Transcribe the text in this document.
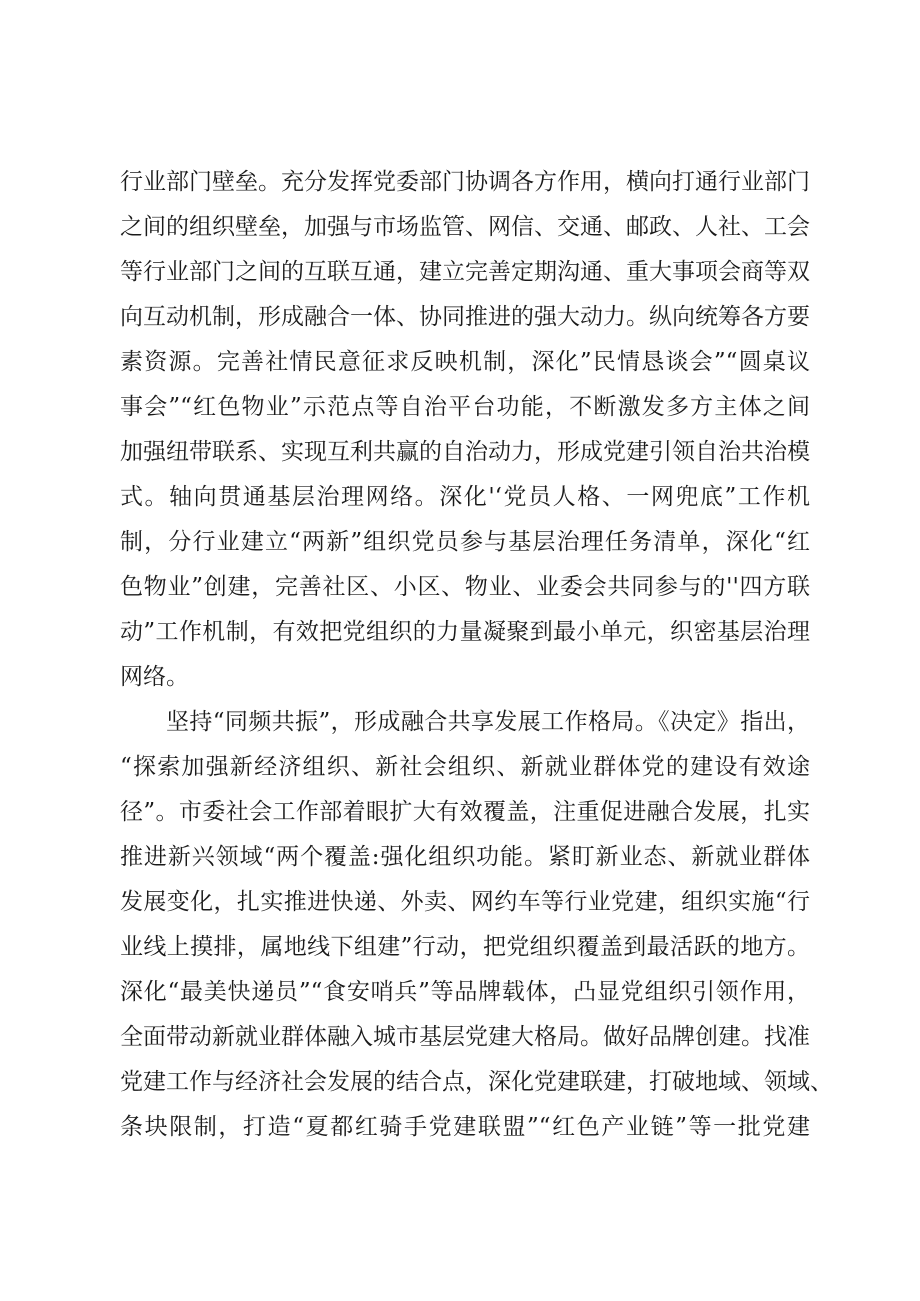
行业部门壁垒。充分发挥党委部门协调各方作用，横向打通行业部门
之间的组织壁垒，加强与市场监管、网信、交通、邮政、人社、工会
等行业部门之间的互联互通，建立完善定期沟通、重大事项会商等双
向互动机制，形成融合一体、协同推进的强大动力。纵向统筹各方要
素资源。完善社情民意征求反映机制，深化”民情恳谈会”“圆桌议
事会”“红色物业”示范点等自治平台功能，不断激发多方主体之间
加强纽带联系、实现互利共赢的自治动力，形成党建引领自治共治模
式。轴向贯通基层治理网络。深化'‘党员人格、一网兜底”工作机
制，分行业建立“两新”组织党员参与基层治理任务清单，深化“红
色物业”创建，完善社区、小区、物业、业委会共同参与的''四方联
动”工作机制，有效把党组织的力量凝聚到最小单元，织密基层治理
网络。
坚持“同频共振”，形成融合共享发展工作格局。《决定》指出，
“探索加强新经济组织、新社会组织、新就业群体党的建设有效途
径”。市委社会工作部着眼扩大有效覆盖，注重促进融合发展，扎实
推进新兴领域“两个覆盖:强化组织功能。紧盯新业态、新就业群体
发展变化，扎实推进快递、外卖、网约车等行业党建，组织实施“行
业线上摸排，属地线下组建”行动，把党组织覆盖到最活跃的地方。
深化“最美快递员”“食安哨兵”等品牌载体，凸显党组织引领作用，
全面带动新就业群体融入城市基层党建大格局。做好品牌创建。找准
党建工作与经济社会发展的结合点，深化党建联建，打破地域、领域、
条块限制，打造“夏都红骑手党建联盟”“红色产业链”等一批党建
